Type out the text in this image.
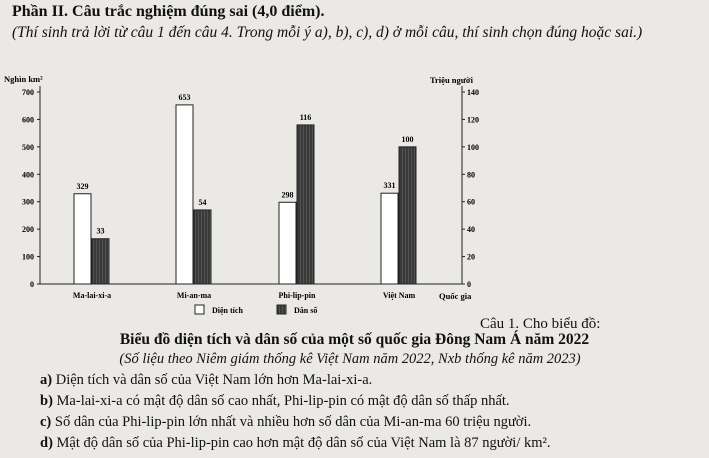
Phần II. Câu trắc nghiệm đúng sai (4,0 điểm).
(Thí sinh trả lời từ câu 1 đến câu 4. Trong mỗi ý a), b), c), d) ở mỗi câu, thí sinh chọn đúng hoặc sai.)
0
100
200
300
400
500
600
700
0
20
40
60
80
100
120
140
Nghìn km²	Triệu người
Quốc gia
329
33
Ma-lai-xi-a
653
54
Mi-an-ma
298
116
Phi-lip-pin
331
100
Việt Nam
Diện tích	Dân số
Câu 1. Cho biểu đồ:
Biểu đồ diện tích và dân số của một số quốc gia Đông Nam Á năm 2022
(Số liệu theo Niêm giám thống kê Việt Nam năm 2022, Nxb thống kê năm 2023)
a) Diện tích và dân số của Việt Nam lớn hơn Ma-lai-xi-a.
b) Ma-lai-xi-a có mật độ dân số cao nhất, Phi-lip-pin có mật độ dân số thấp nhất.
c) Số dân của Phi-lip-pin lớn nhất và nhiều hơn số dân của Mi-an-ma 60 triệu người.
d) Mật độ dân số của Phi-lip-pin cao hơn mật độ dân số của Việt Nam là 87 người/ km².
